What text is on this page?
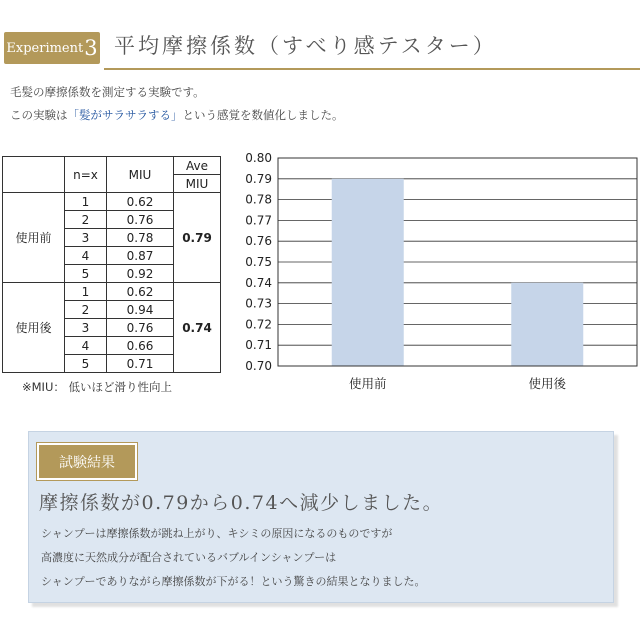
Experiment 3 平均摩擦係数（すべり感テスター）
毛髪の摩擦係数を測定する実験です。
この実験は「髪がサラサラする」という感覚を数値化しました。
	n=x	MIU	Ave
			MIU
使用前	1	0.62	0.79
	2	0.76	
	3	0.78	
	4	0.87	
	5	0.92	
使用後	1	0.62	0.74
	2	0.94	
	3	0.76	
	4	0.66	
	5	0.71	
※MIU： 低いほど滑り性向上
0.80
0.79
0.78
0.77
0.76
0.75
0.74
0.73
0.72
0.71
0.70
使用前	使用後
試験結果
摩擦係数が0.79から0.74へ減少しました。
シャンプーは摩擦係数が跳ね上がり、キシミの原因になるのものですが
高濃度に天然成分が配合されているバブルインシャンプーは
シャンプーでありながら摩擦係数が下がる！という驚きの結果となりました。
